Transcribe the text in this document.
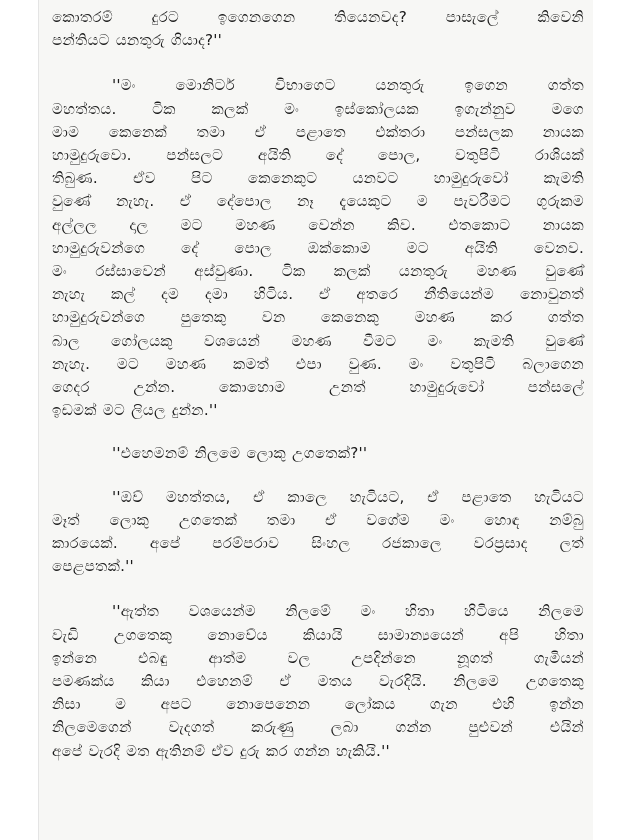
කොතරම් දුරට ඉගෙනගෙන තියෙනවද? පාසැලේ කිවෙනි
පන්තියට යනතුරු ගියාද?''
''මං මොනිටර් විභාගෙට යනතුරු ඉගෙන ගත්ත
මහත්තය. ටික කලක් මං ඉස්කෝලයක ඉගැන්නුව මගෙ
මාම කෙනෙක් තමා ඒ පළාතෙ එක්තරා පන්සලක නායක
හාමුදුරුවො. පන්සලට අයිති දේ පොල, වතුපිටි රාශියක්
තිබුණ. ඒව පිට කෙනෙකුට යනවට හාමුදුරුවෝ කැමති
වුණේ නැහැ. ඒ දේපොල නෑ දැයෙකුට ම පැවරීමට ගුරුකම
අල්ලල දාල මට මහණ වෙන්න කිව. එතකොට නායක
හාමුදුරුවන්ගෙ දේ පොල ඔක්කොම මට අයිති වෙනව.
මං රස්සාවෙන් අස්වුණා. ටික කලක් යනතුරු මහණ වුණේ
නැහැ කල් දම දමා හිටිය. ඒ අතරෙ නීතියෙන්ම නොවුනත්
හාමුදුරුවන්ගෙ පුතෙකු වන කෙනෙකු මහණ කර ගත්ත
බාල ගෝලයකු වශයෙන් මහණ වීමට මං කැමති වුණේ
නැහැ. මට මහණ කමත් එපා වුණ. මං වතුපිටි බලාගෙන
ගෙදර උන්න. කොහොම උනත් හාමුදුරුවෝ පන්සලේ
ඉඩමක් මට ලියල දුන්න.''
''එහෙමනම් නිලමෙ ලොකු උගතෙක්?''
''ඔව් මහත්තය, ඒ කාලෙ හැටියට, ඒ පළාතෙ හැටියට
මෑත් ලොකු උගතෙක් තමා ඒ වගේම මං හොඳ නම්බු
කාරයෙක්. අපේ පරම්පරාව සිංහල රජකාලෙ වරප්‍රසාද ලත්
පෙළපතක්.''
''ඇත්ත වශයෙන්ම නිලමේ මං හිතා හිටියෙ නිලමෙ
වැඩි උගතෙකු නොවේය කියායි සාමාන්‍යයෙන් අපි හිතා
ඉන්නෙ එබඳු ආත්ම වල උපදින්නෙ නූගත් ගැමියන්
පමණක්ය කියා එහෙනම් ඒ මතය වැරදියි. නිලමෙ උගතෙකු
නිසා ම අපට නොපෙනෙන ලෝකය ගැන එහි ඉන්න
නිලමෙගෙන් වැදගත් කරුණු ලබා ගන්න පුළුවන් එයින්
අපේ වැරදි මත ඇතිනම් ඒව දුරු කර ගන්න හැකියි.''
